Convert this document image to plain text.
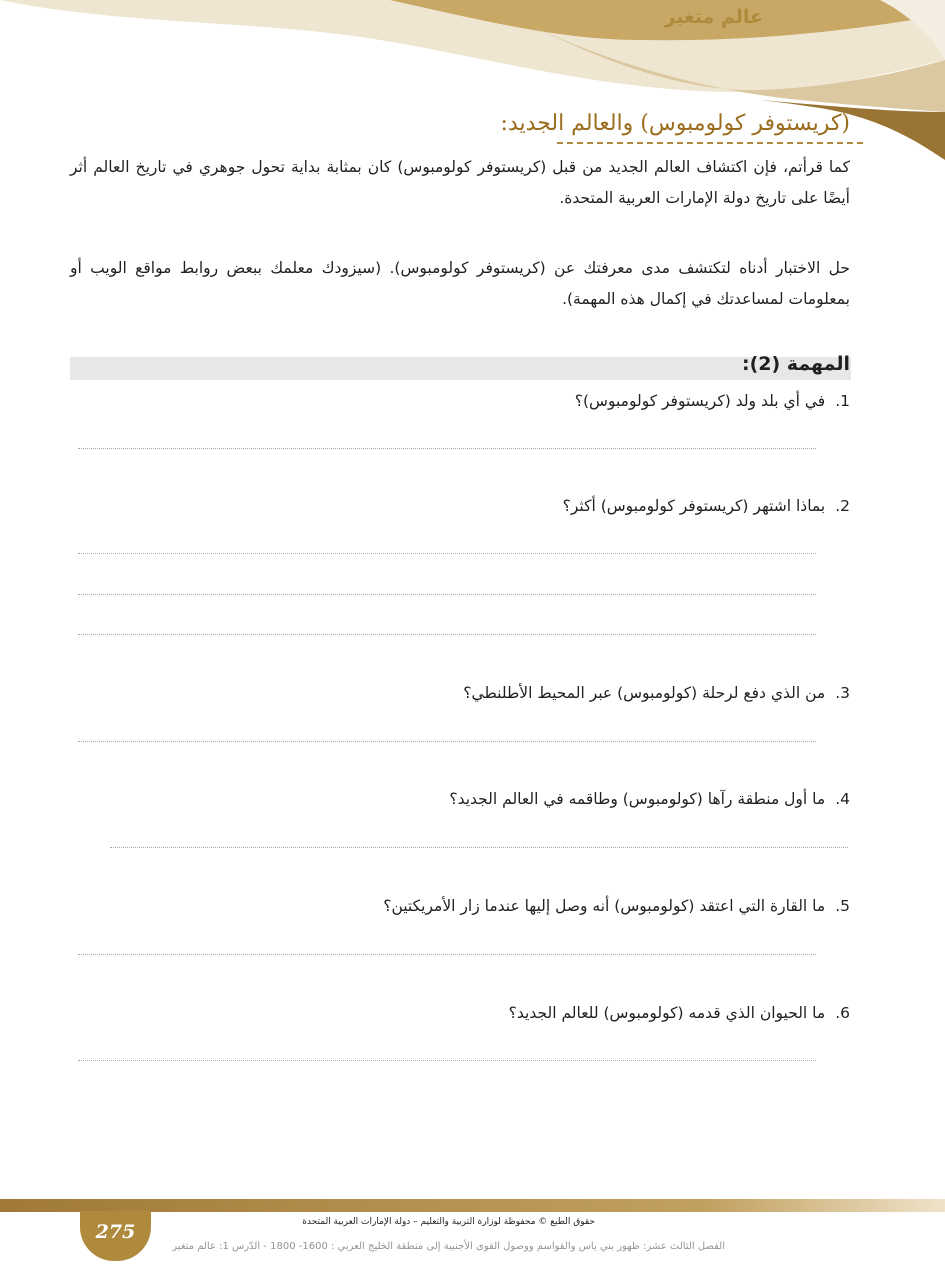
عالم متغير
(كريستوفر كولومبوس) والعالم الجديد:
كما قرأتم، فإن اكتشاف العالم الجديد من قبل (كريستوفر كولومبوس) كان بمثابة بداية تحول جوهري في تاريخ العالم أثر أيضًا على تاريخ دولة الإمارات العربية المتحدة.
حل الاختبار أدناه لتكتشف مدى معرفتك عن (كريستوفر كولومبوس). (سيزودك معلمك ببعض روابط مواقع الويب أو بمعلومات لمساعدتك في إكمال هذه المهمة).
المهمة (2):
1.في أي بلد ولد (كريستوفر كولومبوس)؟
2.بماذا اشتهر (كريستوفر كولومبوس) أكثر؟
3.من الذي دفع لرحلة (كولومبوس) عبر المحيط الأطلنطي؟
4.ما أول منطقة رآها (كولومبوس) وطاقمه في العالم الجديد؟
5.ما القارة التي اعتقد (كولومبوس) أنه وصل إليها عندما زار الأمريكتين؟
6.ما الحيوان الذي قدمه (كولومبوس) للعالم الجديد؟
275	حقوق الطبع © محفوظة لوزارة التربية والتعليم – دولة الإمارات العربية المتحدة
الفصل الثالث عشر: ظهور بني ياس والقواسم ووصول القوى الأجنبية إلى منطقة الخليج العربي : 1600- 1800 - الدّرس 1: عالم متغير
